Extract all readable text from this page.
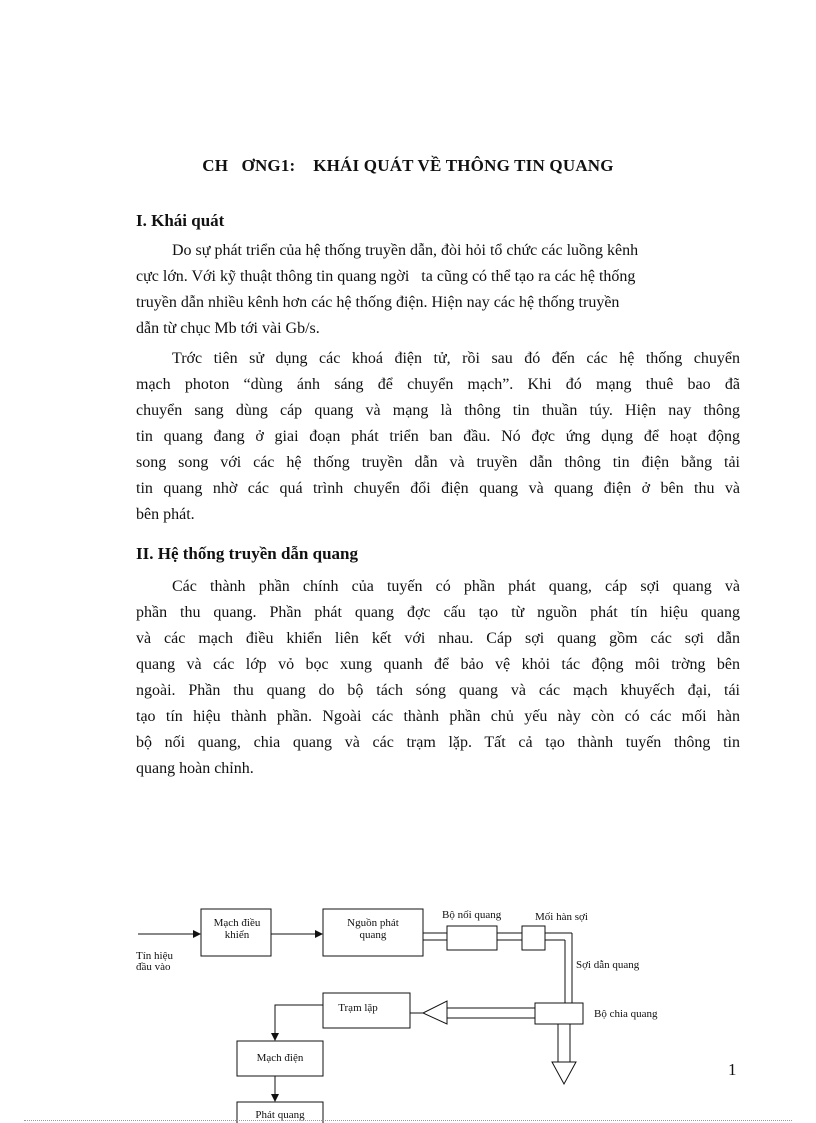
CH   ƠNG1:    KHÁI QUÁT VỀ THÔNG TIN QUANG
I. Khái quát
Do sự phát triển của hệ thống truyền dẫn, đòi hỏi tổ chức các luồng kênh
cực lớn. Với kỹ thuật thông tin quang ngời   ta cũng có thể tạo ra các hệ thống
truyền dẫn nhiều kênh hơn các hệ thống điện. Hiện nay các hệ thống truyền
dẫn từ chục Mb tới vài Gb/s.
Trớc tiên sử dụng các khoá điện tử, rồi sau đó đến các hệ thống chuyển
mạch photon “dùng ánh sáng để chuyển mạch”. Khi đó mạng thuê bao đã
chuyển sang dùng cáp quang và mạng là thông tin thuần túy. Hiện nay thông
tin quang đang ở giai đoạn phát triển ban đầu. Nó đợc ứng dụng để hoạt động
song song với các hệ thống truyền dẫn và truyền dẫn thông tin điện bằng tải
tin quang nhờ các quá trình chuyển đổi điện quang và quang điện ở bên thu và
bên phát.
II. Hệ thống truyền dẫn quang
Các thành phần chính của tuyến có phần phát quang, cáp sợi quang và
phần thu quang. Phần phát quang đợc cấu tạo từ nguồn phát tín hiệu quang
và các mạch điều khiển liên kết với nhau. Cáp sợi quang gồm các sợi dẫn
quang và các lớp vỏ bọc xung quanh để bảo vệ khỏi tác động môi trờng bên
ngoài. Phần thu quang do bộ tách sóng quang và các mạch khuyếch đại, tái
tạo tín hiệu thành phần. Ngoài các thành phần chủ yếu này còn có các mối hàn
bộ nối quang, chia quang và các trạm lặp. Tất cả tạo thành tuyến thông tin
quang hoàn chỉnh.
Tín hiệu
đầu vào
Mạch điều
khiển
Nguồn phát
quang
Bộ nối quang	Mối hàn sợi
Sợi dẫn quang
Bộ chia quang
Trạm lặp
Mạch điện
Phát quang
1
